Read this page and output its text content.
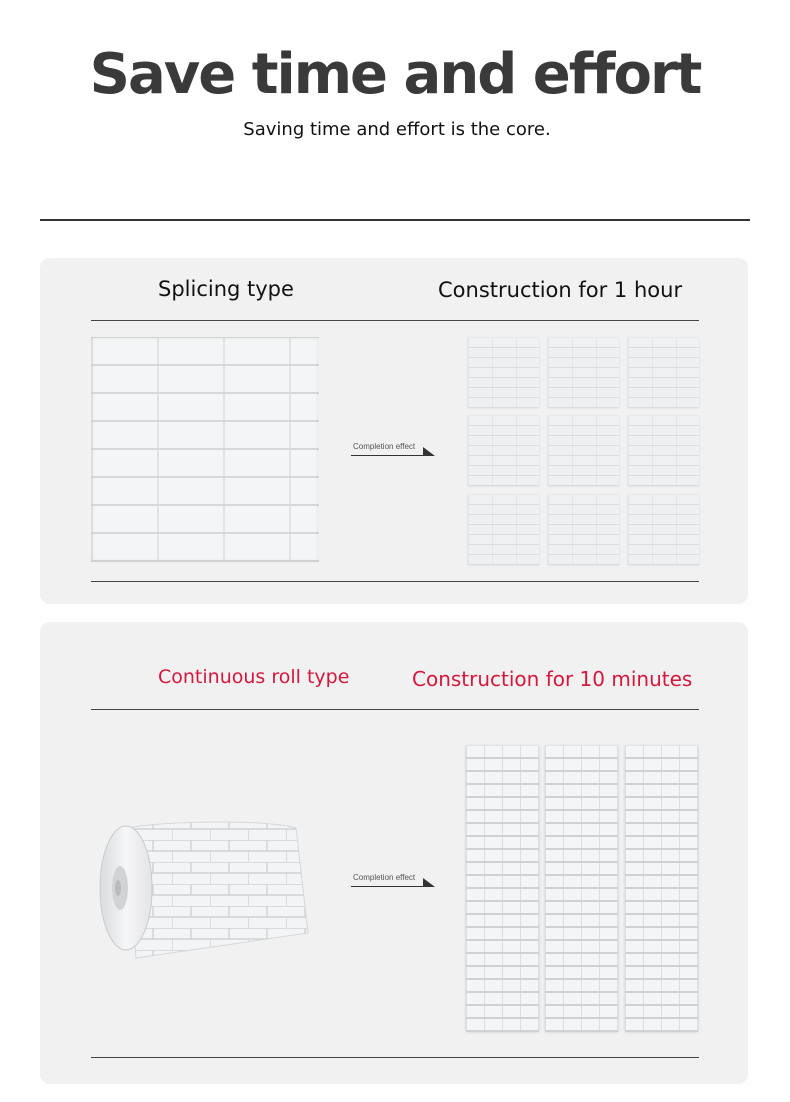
Save time and effort
Saving time and effort is the core.
Splicing type	Construction for 1 hour
Completion effect
Continuous roll type	Construction for 10 minutes
Completion effect
